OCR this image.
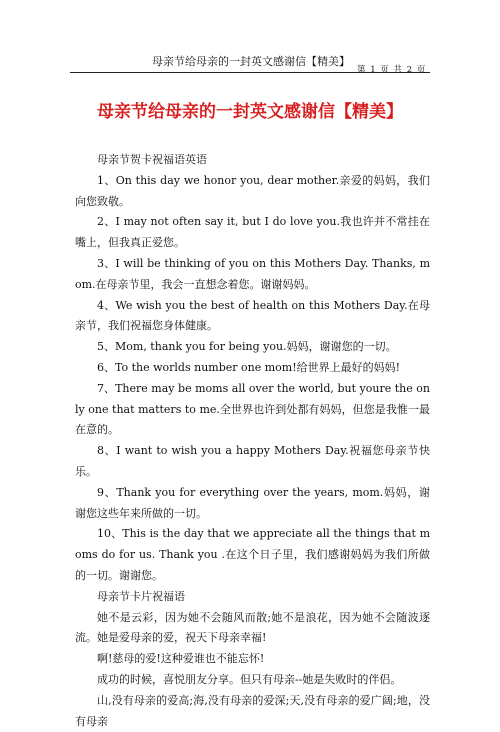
母亲节给母亲的一封英文感谢信【精美】
第 1 页 共 2 页
母亲节给母亲的一封英文感谢信【精美】

母亲节贺卡祝福语英语

1、On this day we honor you, dear mother.亲爱的妈妈，我们向您致敬。

2、I may not often say it, but I do love you.我也许并不常挂在嘴上，但我真正爱您。

3、I will be thinking of you on this Mothers Day. Thanks, mom.在母亲节里，我会一直想念着您。谢谢妈妈。

4、We wish you the best of health on this Mothers Day.在母亲节，我们祝福您身体健康。

5、Mom, thank you for being you.妈妈，谢谢您的一切。

6、To the worlds number one mom!给世界上最好的妈妈!

7、There may be moms all over the world, but youre the only one that matters to me.全世界也许到处都有妈妈，但您是我惟一最在意的。

8、I want to wish you a happy Mothers Day.祝福您母亲节快乐。

9、Thank you for everything over the years, mom.妈妈，谢谢您这些年来所做的一切。

10、This is the day that we appreciate all the things that moms do for us. Thank you .在这个日子里，我们感谢妈妈为我们所做的一切。谢谢您。

母亲节卡片祝福语

她不是云彩，因为她不会随风而散;她不是浪花，因为她不会随波逐流。她是爱母亲的爱，祝天下母亲幸福!

啊!慈母的爱!这种爱谁也不能忘怀!

成功的时候，喜悦朋友分享。但只有母亲--她是失败时的伴侣。

山,没有母亲的爱高;海,没有母亲的爱深;天,没有母亲的爱广阔;地，没有母亲
